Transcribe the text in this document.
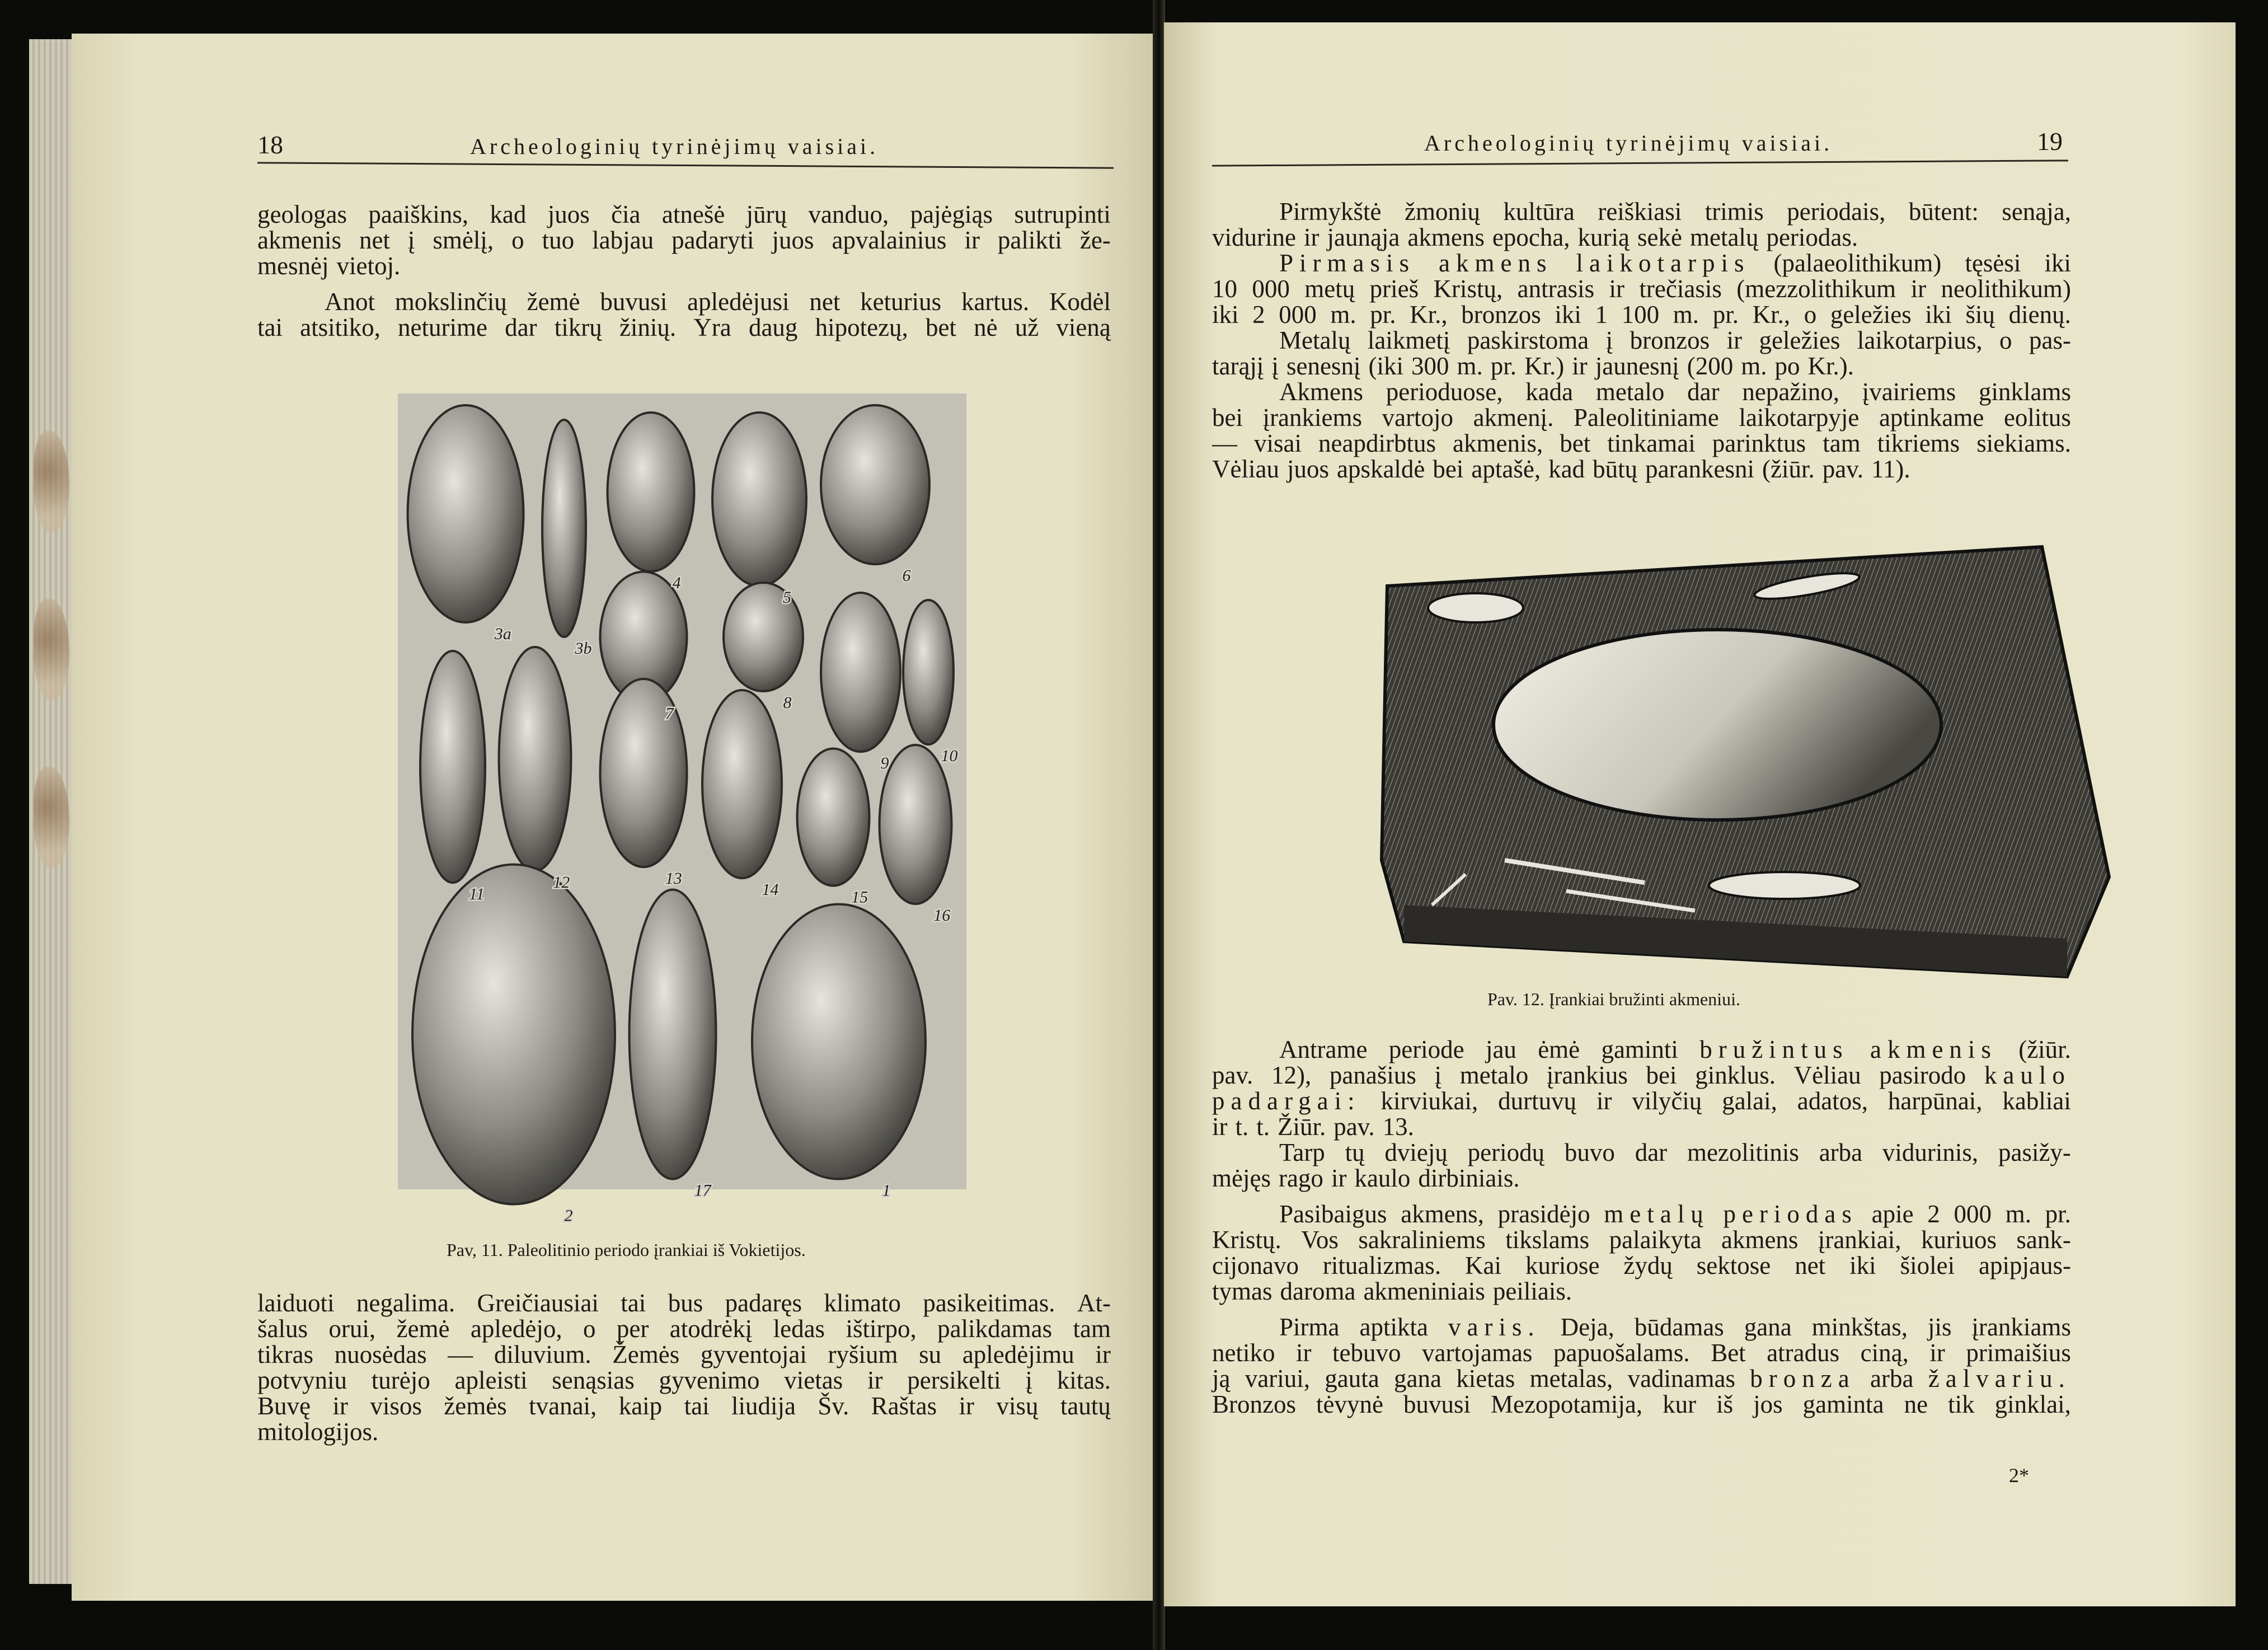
18	Archeologinių tyrinėjimų vaisiai.
geologas paaiškins, kad juos čia atnešė jūrų vanduo, pajėgiąs sutrupinti
akmenis net į smėlį, o tuo labjau padaryti juos apvalainius ir palikti že-
mesnėj vietoj.
Anot mokslinčių žemė buvusi apledėjusi net keturius kartus. Kodėl
tai atsitiko, neturime dar tikrų žinių. Yra daug hipotezų, bet nė už vieną
3a
3b
4
5
6
7
8
9	10
11
12	13
14	15
16
2
17	1
Pav, 11. Paleolitinio periodo įrankiai iš Vokietijos.
laiduoti negalima. Greičiausiai tai bus padaręs klimato pasikeitimas. At-
šalus orui, žemė apledėjo, o per atodrėkį ledas ištirpo, palikdamas tam
tikras nuosėdas — diluvium. Žemės gyventojai ryšium su apledėjimu ir
potvyniu turėjo apleisti senąsias gyvenimo vietas ir persikelti į kitas.
Buvę ir visos žemės tvanai, kaip tai liudija Šv. Raštas ir visų tautų
mitologijos.
Archeologinių tyrinėjimų vaisiai.	19
Pirmykštė žmonių kultūra reiškiasi trimis periodais, būtent: senąja,
vidurine ir jaunąja akmens epocha, kurią sekė metalų periodas.
Pirmasis akmens laikotarpis (palaeolithikum) tęsėsi iki
10 000 metų prieš Kristų, antrasis ir trečiasis (mezzolithikum ir neolithikum)
iki 2 000 m. pr. Kr., bronzos iki 1 100 m. pr. Kr., o geležies iki šių dienų.
Metalų laikmetį paskirstoma į bronzos ir geležies laikotarpius, o pas-
tarąjį į senesnį (iki 300 m. pr. Kr.) ir jaunesnį (200 m. po Kr.).
Akmens perioduose, kada metalo dar nepažino, įvairiems ginklams
bei įrankiems vartojo akmenį. Paleolitiniame laikotarpyje aptinkame eolitus
— visai neapdirbtus akmenis, bet tinkamai parinktus tam tikriems siekiams.
Vėliau juos apskaldė bei aptašė, kad būtų parankesni (žiūr. pav. 11).
Pav. 12. Įrankiai bružinti akmeniui.
Antrame periode jau ėmė gaminti bružintus akmenis (žiūr.
pav. 12), panašius į metalo įrankius bei ginklus. Vėliau pasirodo kaulo
padargai: kirviukai, durtuvų ir vilyčių galai, adatos, harpūnai, kabliai
ir t. t. Žiūr. pav. 13.
Tarp tų dviejų periodų buvo dar mezolitinis arba vidurinis, pasižy-
mėjęs rago ir kaulo dirbiniais.
Pasibaigus akmens, prasidėjo metalų periodas apie 2 000 m. pr.
Kristų. Vos sakraliniems tikslams palaikyta akmens įrankiai, kuriuos sank-
cijonavo ritualizmas. Kai kuriose žydų sektose net iki šiolei apipjaus-
tymas daroma akmeniniais peiliais.
Pirma aptikta varis. Deja, būdamas gana minkštas, jis įrankiams
netiko ir tebuvo vartojamas papuošalams. Bet atradus ciną, ir primaišius
ją variui, gauta gana kietas metalas, vadinamas bronza arba žalvariu.
Bronzos tėvynė buvusi Mezopotamija, kur iš jos gaminta ne tik ginklai,
2*
